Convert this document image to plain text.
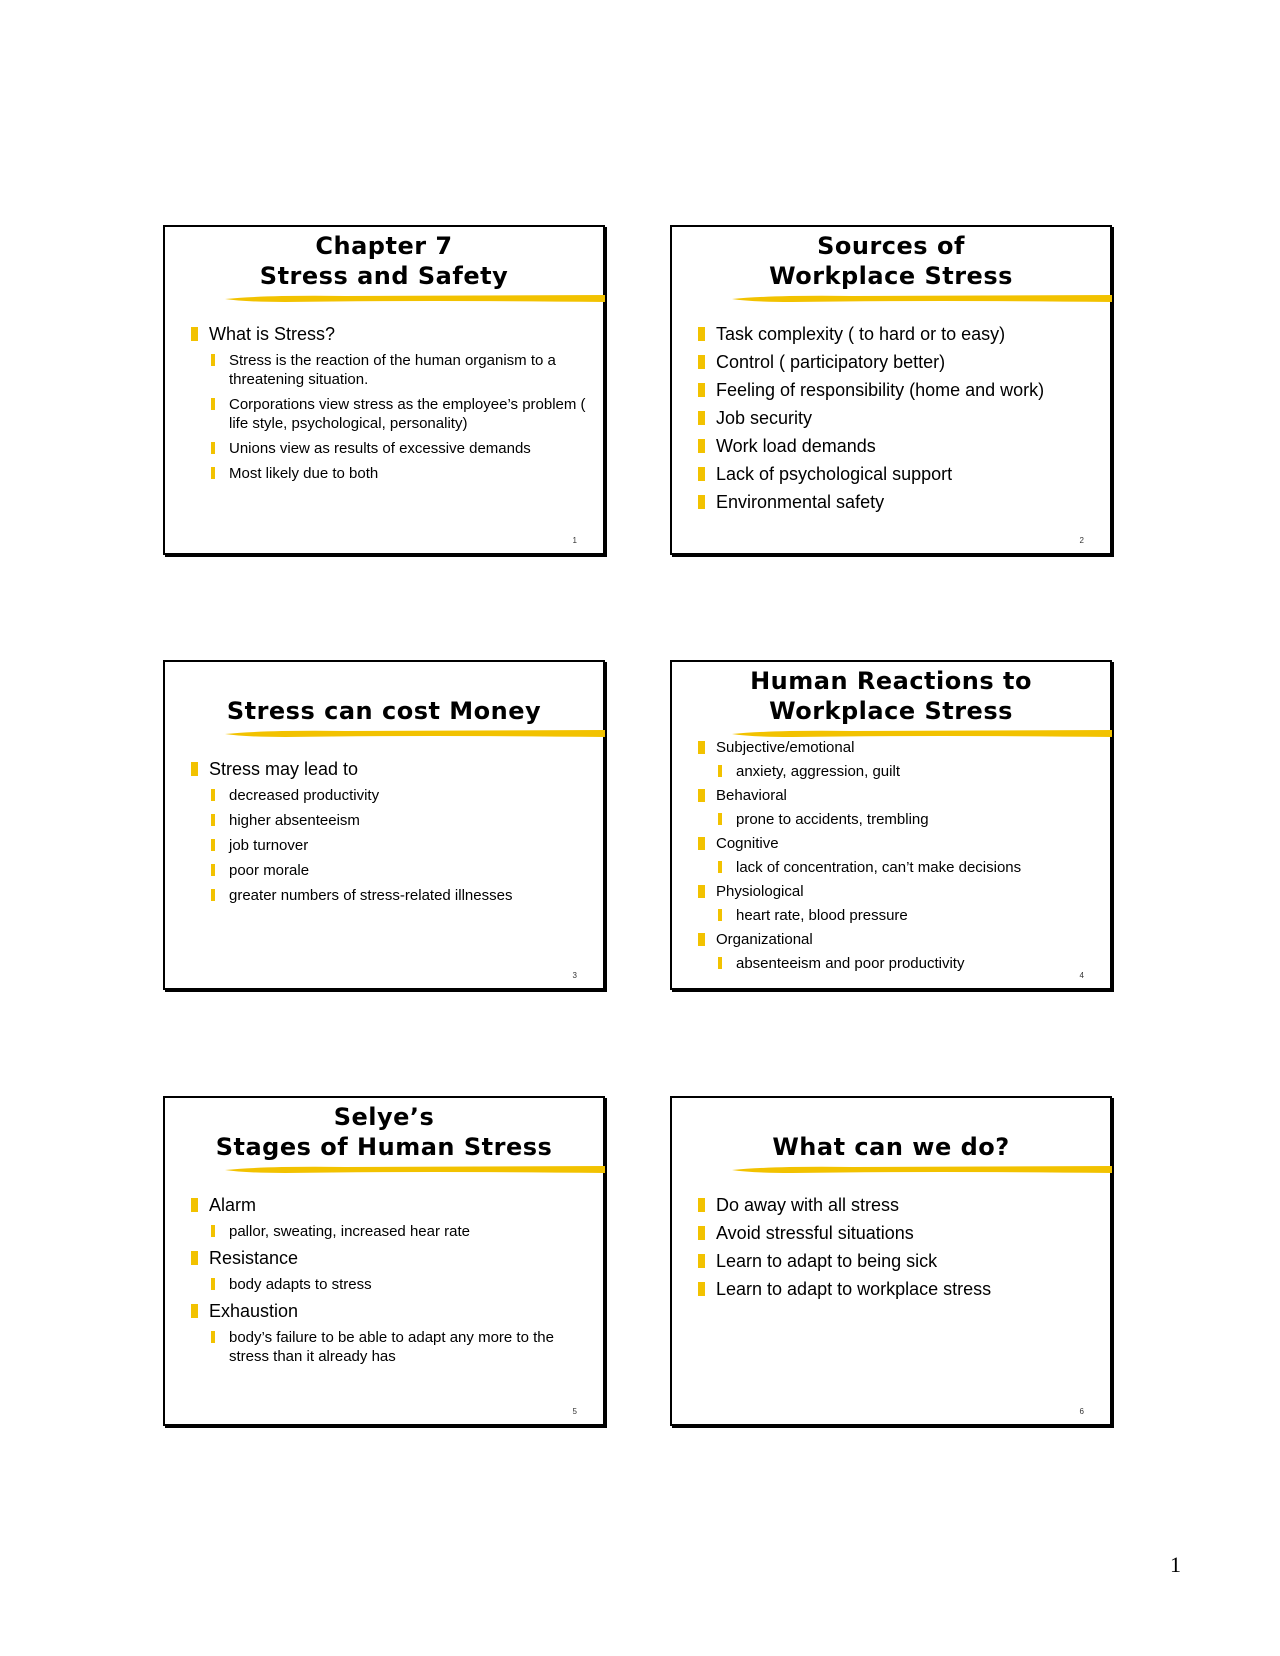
Chapter 7
Stress and Safety
What is Stress?
Stress is the reaction of the human organism to a threatening situation.
Corporations view stress as the employee’s problem ( life style, psychological, personality)
Unions view as results of excessive demands
Most likely due to both
1
Sources of
Workplace Stress
Task complexity ( to hard or to easy)
Control ( participatory better)
Feeling of responsibility (home and work)
Job security
Work load demands
Lack of psychological support
Environmental safety
2
Stress can cost Money
Stress may lead to
decreased productivity
higher absenteeism
job turnover
poor morale
greater numbers of stress-related illnesses
3
Human Reactions to
Workplace Stress
Subjective/emotional
anxiety, aggression, guilt
Behavioral
prone to accidents, trembling
Cognitive
lack of concentration, can’t make decisions
Physiological
heart rate, blood pressure
Organizational
absenteeism and poor productivity
4
Selye’s
Stages of Human Stress
Alarm
pallor, sweating, increased hear rate
Resistance
body adapts to stress
Exhaustion
body’s failure to be able to adapt any more to the stress than it already has
5
What can we do?
Do away with all stress
Avoid stressful situations
Learn to adapt to being sick
Learn to adapt to workplace stress
6
1
